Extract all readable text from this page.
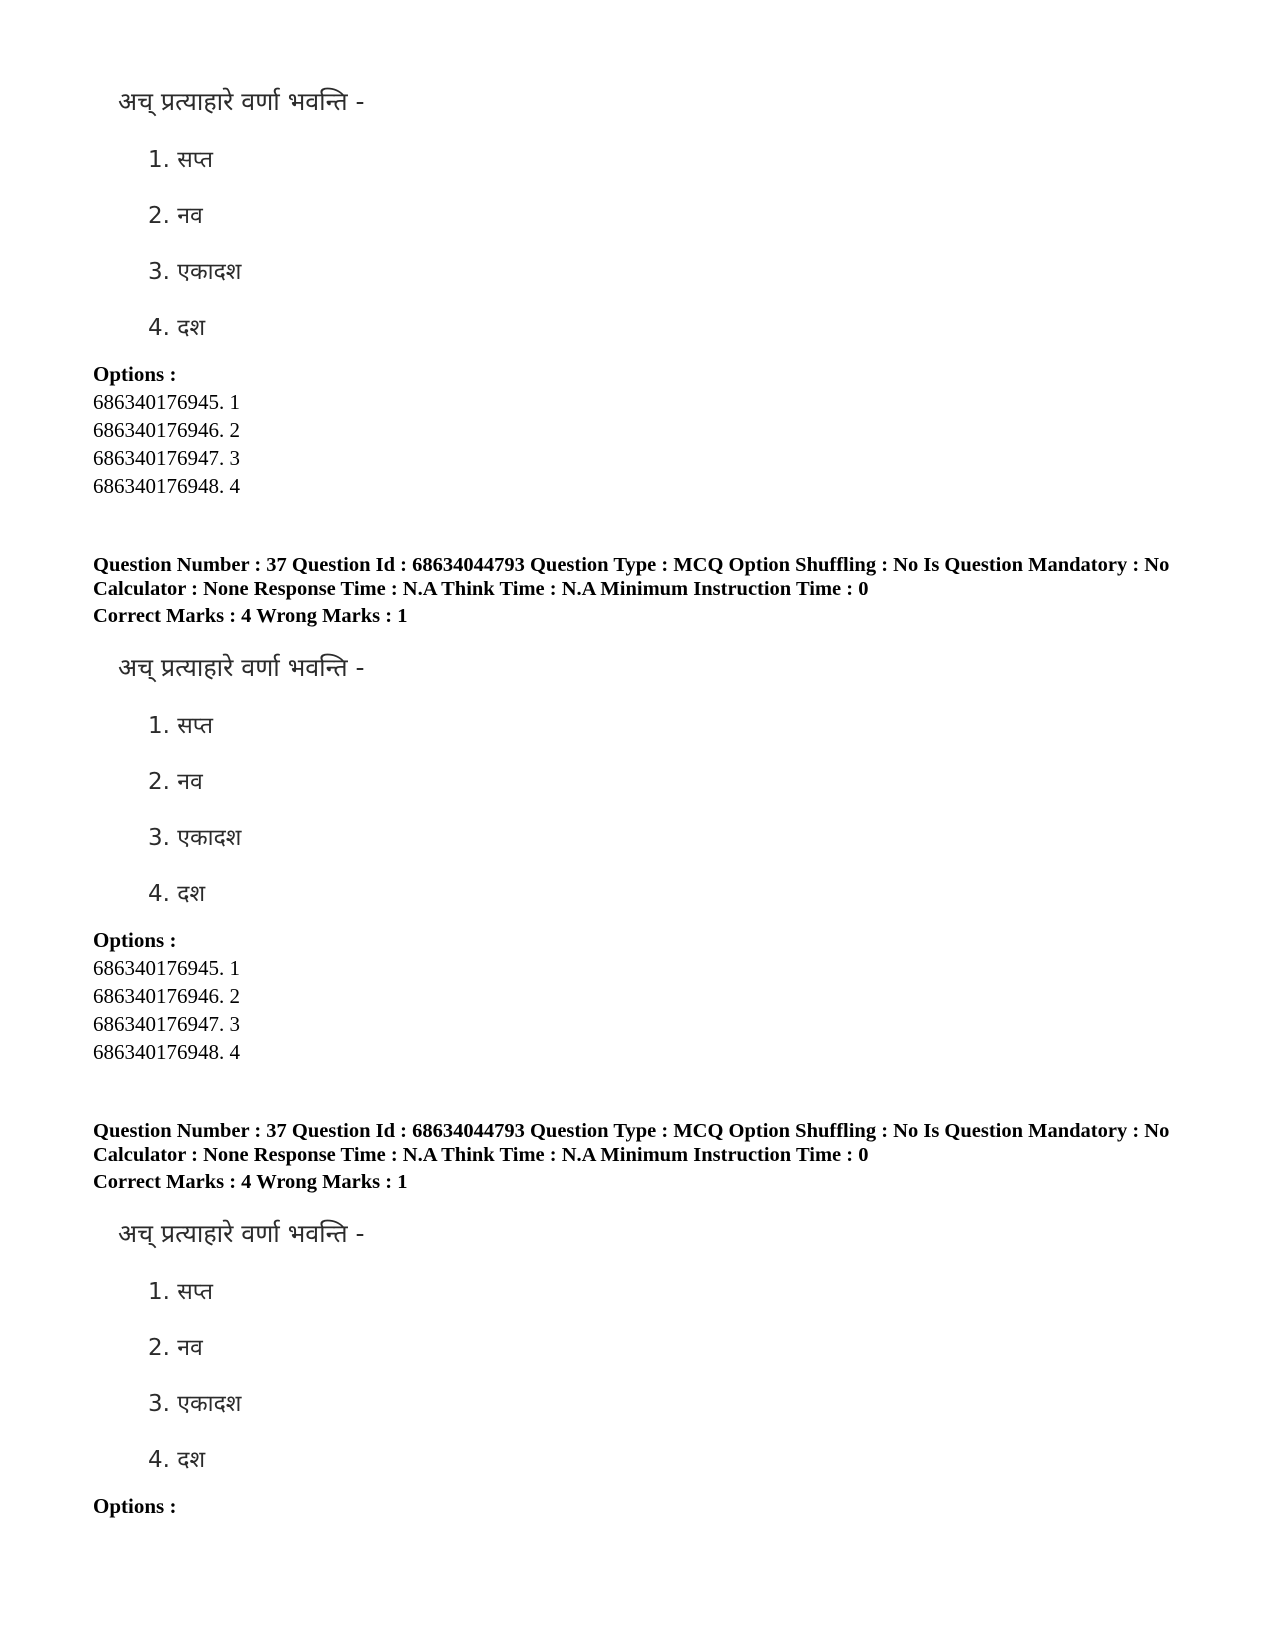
अच् प्रत्याहारे वर्णा भवन्ति -
1. सप्त
2. नव
3. एकादश
4. दश
Options :
686340176945. 1
686340176946. 2
686340176947. 3
686340176948. 4
Question Number : 37 Question Id : 68634044793 Question Type : MCQ Option Shuffling : No Is Question Mandatory : No Calculator : None Response Time : N.A Think Time : N.A Minimum Instruction Time : 0
Correct Marks : 4 Wrong Marks : 1
अच् प्रत्याहारे वर्णा भवन्ति -
1. सप्त
2. नव
3. एकादश
4. दश
Options :
686340176945. 1
686340176946. 2
686340176947. 3
686340176948. 4
Question Number : 37 Question Id : 68634044793 Question Type : MCQ Option Shuffling : No Is Question Mandatory : No Calculator : None Response Time : N.A Think Time : N.A Minimum Instruction Time : 0
Correct Marks : 4 Wrong Marks : 1
अच् प्रत्याहारे वर्णा भवन्ति -
1. सप्त
2. नव
3. एकादश
4. दश
Options :
